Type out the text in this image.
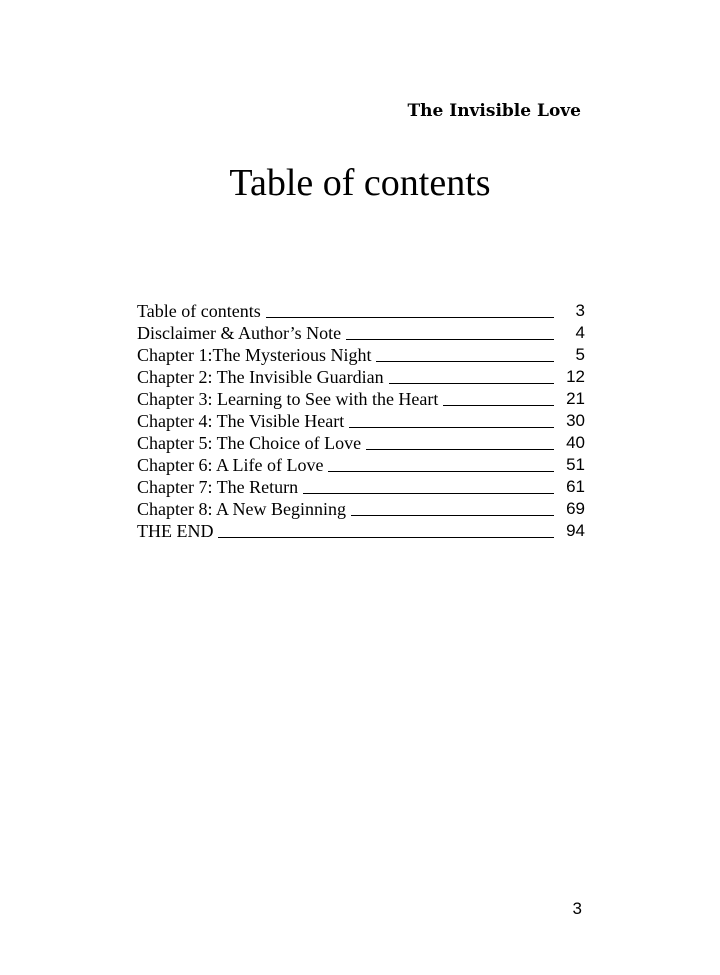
The Invisible Love
Table of contents
Table of contents	3
Disclaimer & Author’s Note	4
Chapter 1:The Mysterious Night	5
Chapter 2: The Invisible Guardian	12
Chapter 3: Learning to See with the Heart	21
Chapter 4: The Visible Heart	30
Chapter 5: The Choice of Love	40
Chapter 6: A Life of Love	51
Chapter 7: The Return	61
Chapter 8: A New Beginning	69
THE END	94
3
